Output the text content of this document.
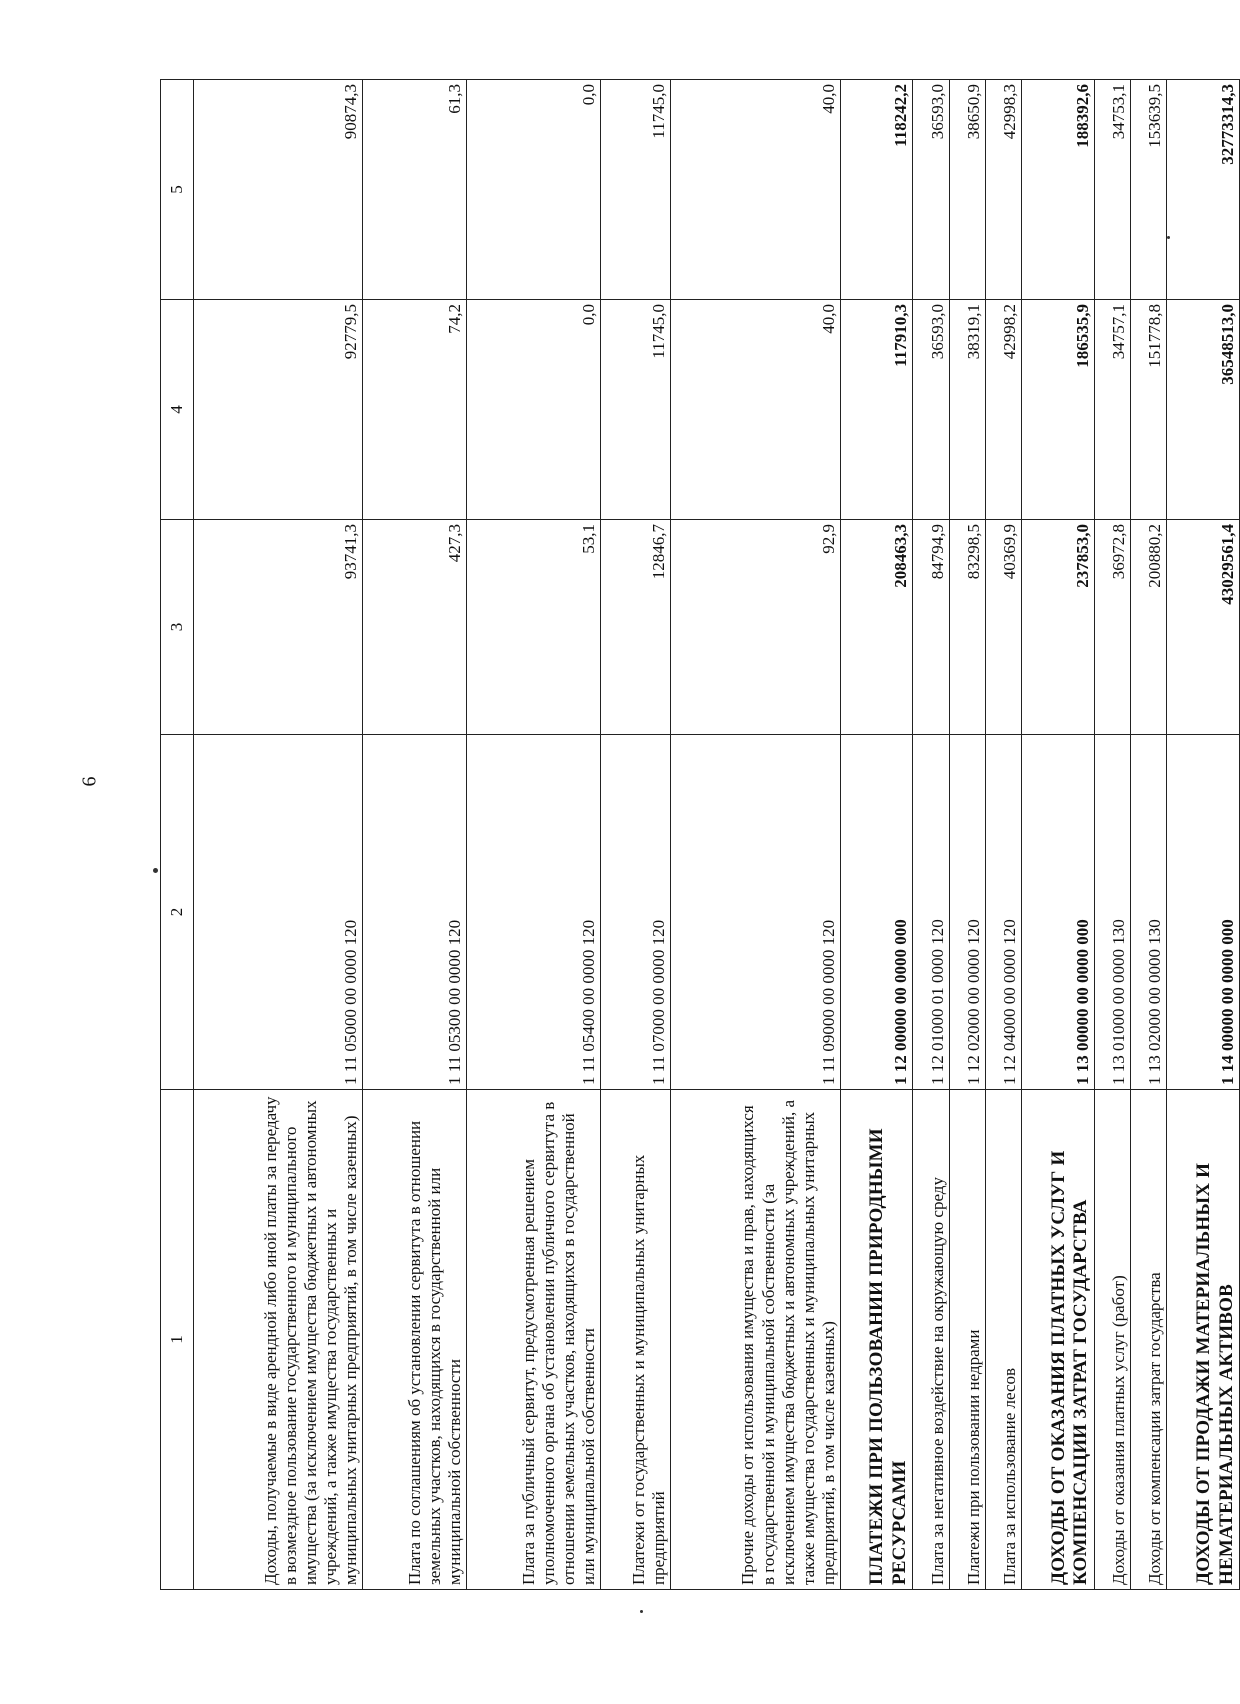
6
1	2	3	4	5
Доходы, получаемые в виде арендной либо иной платы за передачу в возмездное пользование государственного и муниципального имущества (за исключением имущества бюджетных и автономных учреждений, а также имущества государственных и муниципальных унитарных предприятий, в том числе казенных)	1 11 05000 00 0000 120	93741,3	92779,5	90874,3
Плата по соглашениям об установлении сервитута в отношении земельных участков, находящихся в государственной или муниципальной собственности	1 11 05300 00 0000 120	427,3	74,2	61,3
Плата за публичный сервитут, предусмотренная решением уполномоченного органа об установлении публичного сервитута в отношении земельных участков, находящихся в государственной или муниципальной собственности	1 11 05400 00 0000 120	53,1	0,0	0,0
Платежи от государственных и муниципальных унитарных предприятий	1 11 07000 00 0000 120	12846,7	11745,0	11745,0
Прочие доходы от использования имущества и прав, находящихся в государственной и муниципальной собственности (за исключением имущества бюджетных и автономных учреждений, а также имущества государственных и муниципальных унитарных предприятий, в том числе казенных)	1 11 09000 00 0000 120	92,9	40,0	40,0
ПЛАТЕЖИ ПРИ ПОЛЬЗОВАНИИ ПРИРОДНЫМИ РЕСУРСАМИ	1 12 00000 00 0000 000	208463,3	117910,3	118242,2
Плата за негативное воздействие на окружающую среду	1 12 01000 01 0000 120	84794,9	36593,0	36593,0
Платежи при пользовании недрами	1 12 02000 00 0000 120	83298,5	38319,1	38650,9
Плата за использование лесов	1 12 04000 00 0000 120	40369,9	42998,2	42998,3
ДОХОДЫ ОТ ОКАЗАНИЯ ПЛАТНЫХ УСЛУГ И КОМПЕНСАЦИИ ЗАТРАТ ГОСУДАРСТВА	1 13 00000 00 0000 000	237853,0	186535,9	188392,6
Доходы от оказания платных услуг (работ)	1 13 01000 00 0000 130	36972,8	34757,1	34753,1
Доходы от компенсации затрат государства	1 13 02000 00 0000 130	200880,2	151778,8	153639,5
ДОХОДЫ ОТ ПРОДАЖИ МАТЕРИАЛЬНЫХ И НЕМАТЕРИАЛЬНЫХ АКТИВОВ	1 14 00000 00 0000 000	43029561,4	36548513,0	32773314,3
